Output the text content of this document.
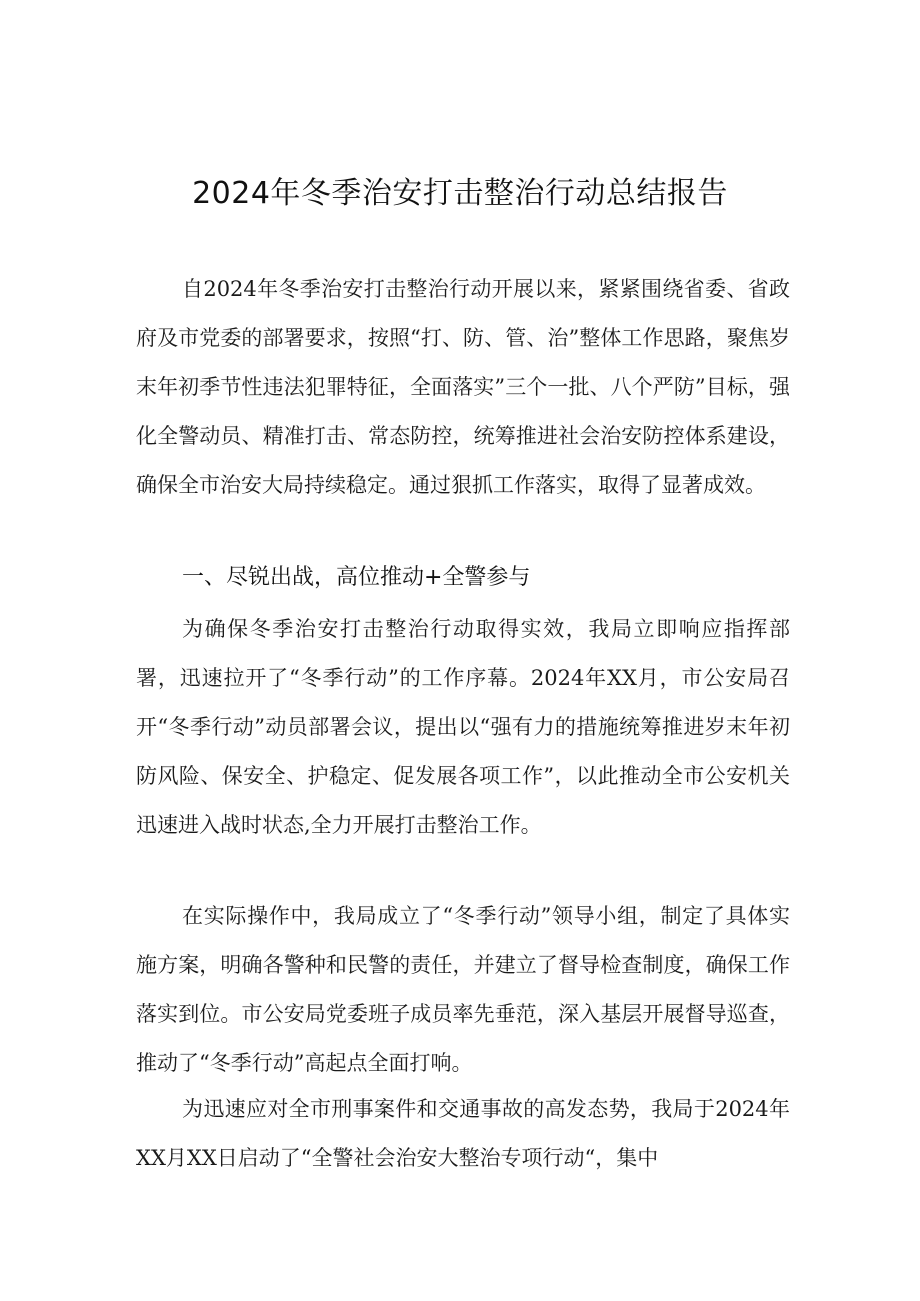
2024年冬季治安打击整治行动总结报告

自2024年冬季治安打击整治行动开展以来，紧紧围绕省委、省政府及市党委的部署要求，按照“打、防、管、治”整体工作思路，聚焦岁末年初季节性违法犯罪特征，全面落实”三个一批、八个严防”目标，强化全警动员、精准打击、常态防控，统筹推进社会治安防控体系建设，确保全市治安大局持续稳定。通过狠抓工作落实，取得了显著成效。

一、尽锐出战，高位推动+全警参与

为确保冬季治安打击整治行动取得实效，我局立即响应指挥部署，迅速拉开了“冬季行动”的工作序幕。2024年XX月，市公安局召开“冬季行动”动员部署会议，提出以“强有力的措施统筹推进岁末年初防风险、保安全、护稳定、促发展各项工作”，以此推动全市公安机关迅速进入战时状态,全力开展打击整治工作。

在实际操作中，我局成立了“冬季行动”领导小组，制定了具体实施方案，明确各警种和民警的责任，并建立了督导检查制度，确保工作落实到位。市公安局党委班子成员率先垂范，深入基层开展督导巡查，推动了“冬季行动”高起点全面打响。

为迅速应对全市刑事案件和交通事故的高发态势，我局于2024年XX月XX日启动了“全警社会治安大整治专项行动“，集中
